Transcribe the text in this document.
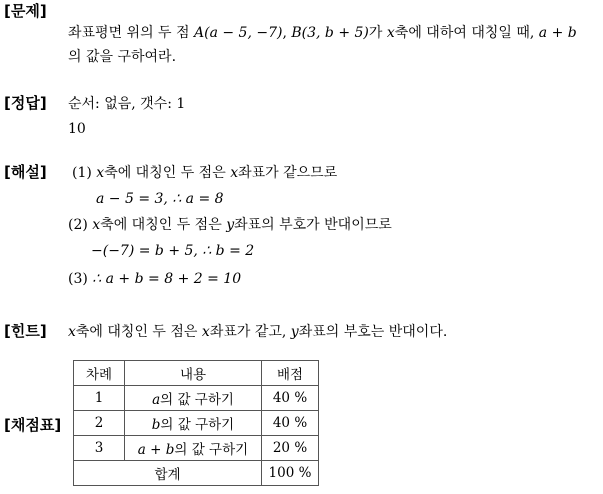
[문제]
좌표평면 위의 두 점 A(a − 5, −7), B(3, b + 5)가 x축에 대하여 대칭일 때, a + b
의 값을 구하여라.
[정답] 순서: 없음, 갯수: 1
10
[해설] (1) x축에 대칭인 두 점은 x좌표가 같으므로
a − 5 = 3, ∴ a = 8
(2) x축에 대칭인 두 점은 y좌표의 부호가 반대이므로
−(−7) = b + 5, ∴ b = 2
(3) ∴ a + b = 8 + 2 = 10
[힌트] x축에 대칭인 두 점은 x좌표가 같고, y좌표의 부호는 반대이다.
[채점표]
차례	내용	배점
1	a의 값 구하기	40 %
2	b의 값 구하기	40 %
3	a + b의 값 구하기	20 %
합계		100 %
